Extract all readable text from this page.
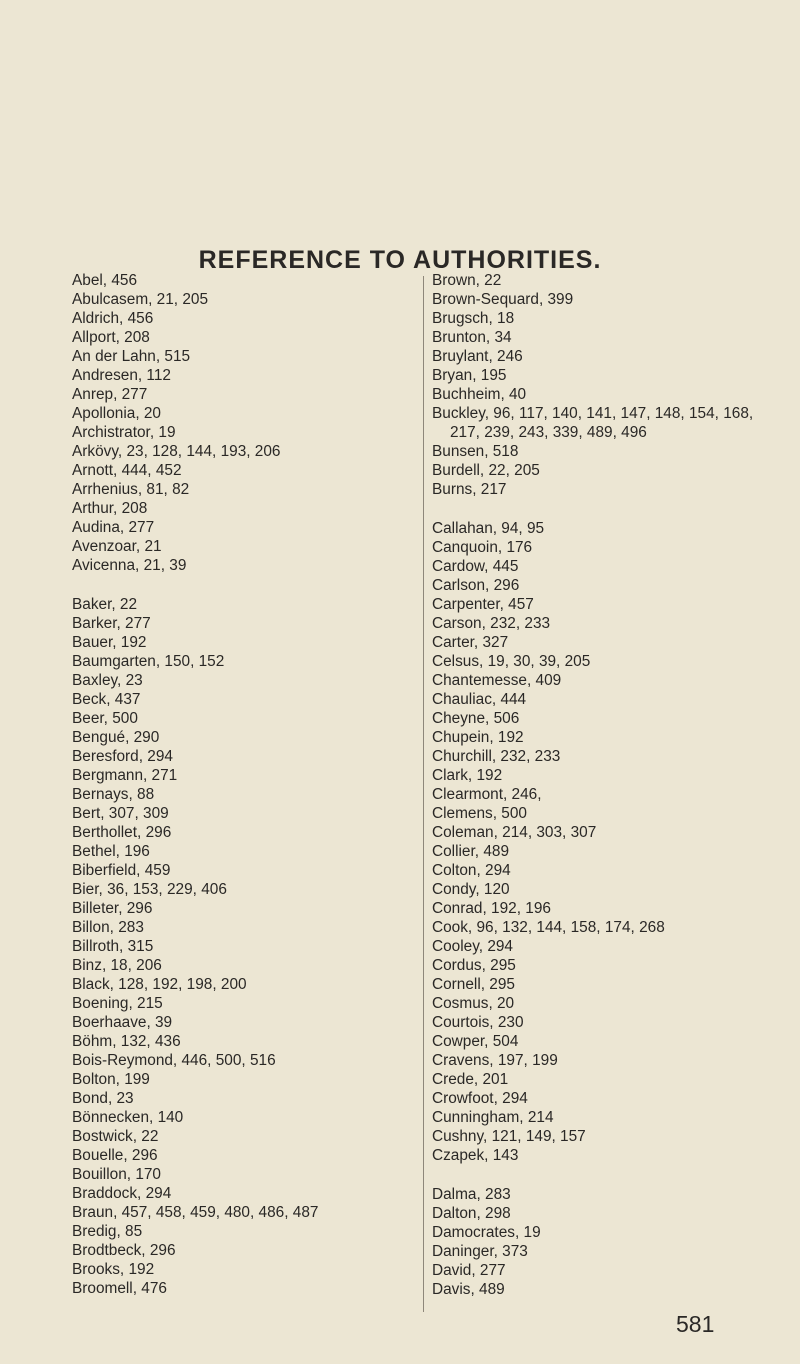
REFERENCE TO AUTHORITIES.
Abel, 456
Abulcasem, 21, 205
Aldrich, 456
Allport, 208
An der Lahn, 515
Andresen, 112
Anrep, 277
Apollonia, 20
Archistrator, 19
Arkövy, 23, 128, 144, 193, 206
Arnott, 444, 452
Arrhenius, 81, 82
Arthur, 208
Audina, 277
Avenzoar, 21
Avicenna, 21, 39
Baker, 22
Barker, 277
Bauer, 192
Baumgarten, 150, 152
Baxley, 23
Beck, 437
Beer, 500
Bengué, 290
Beresford, 294
Bergmann, 271
Bernays, 88
Bert, 307, 309
Berthollet, 296
Bethel, 196
Biberfield, 459
Bier, 36, 153, 229, 406
Billeter, 296
Billon, 283
Billroth, 315
Binz, 18, 206
Black, 128, 192, 198, 200
Boening, 215
Boerhaave, 39
Böhm, 132, 436
Bois-Reymond, 446, 500, 516
Bolton, 199
Bond, 23
Bönnecken, 140
Bostwick, 22
Bouelle, 296
Bouillon, 170
Braddock, 294
Braun, 457, 458, 459, 480, 486, 487
Bredig, 85
Brodtbeck, 296
Brooks, 192
Broomell, 476
Brown, 22
Brown-Sequard, 399
Brugsch, 18
Brunton, 34
Bruylant, 246
Bryan, 195
Buchheim, 40
Buckley, 96, 117, 140, 141, 147, 148, 154, 168, 217, 239, 243, 339, 489, 496
Bunsen, 518
Burdell, 22, 205
Burns, 217
Callahan, 94, 95
Canquoin, 176
Cardow, 445
Carlson, 296
Carpenter, 457
Carson, 232, 233
Carter, 327
Celsus, 19, 30, 39, 205
Chantemesse, 409
Chauliac, 444
Cheyne, 506
Chupein, 192
Churchill, 232, 233
Clark, 192
Clearmont, 246,
Clemens, 500
Coleman, 214, 303, 307
Collier, 489
Colton, 294
Condy, 120
Conrad, 192, 196
Cook, 96, 132, 144, 158, 174, 268
Cooley, 294
Cordus, 295
Cornell, 295
Cosmus, 20
Courtois, 230
Cowper, 504
Cravens, 197, 199
Crede, 201
Crowfoot, 294
Cunningham, 214
Cushny, 121, 149, 157
Czapek, 143
Dalma, 283
Dalton, 298
Damocrates, 19
Daninger, 373
David, 277
Davis, 489
581
